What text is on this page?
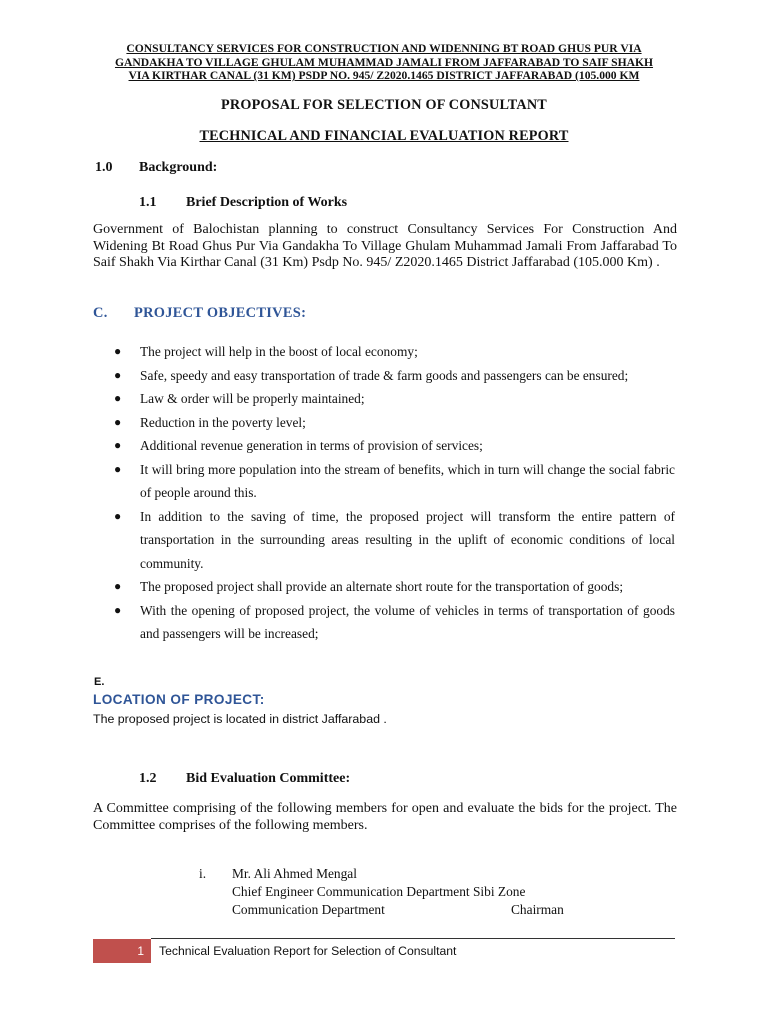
CONSULTANCY SERVICES FOR CONSTRUCTION AND WIDENNING BT ROAD GHUS PUR VIA
GANDAKHA TO VILLAGE GHULAM MUHAMMAD JAMALI FROM JAFFARABAD TO SAIF SHAKH
VIA KIRTHAR CANAL (31 KM) PSDP NO. 945/ Z2020.1465 DISTRICT JAFFARABAD (105.000 KM
PROPOSAL FOR SELECTION OF CONSULTANT
TECHNICAL AND FINANCIAL EVALUATION REPORT
1.0 Background:
1.1 Brief Description of Works

Government of Balochistan planning to construct Consultancy Services For Construction And Widening Bt Road Ghus Pur Via Gandakha To Village Ghulam Muhammad Jamali From Jaffarabad To Saif Shakh Via Kirthar Canal (31 Km) Psdp No. 945/ Z2020.1465 District Jaffarabad (105.000 Km) .

C. PROJECT OBJECTIVES:
● The project will help in the boost of local economy;
● Safe, speedy and easy transportation of trade & farm goods and passengers can be ensured;
● Law & order will be properly maintained;
● Reduction in the poverty level;
● Additional revenue generation in terms of provision of services;
● It will bring more population into the stream of benefits, which in turn will change the social fabric of people around this.
● In addition to the saving of time, the proposed project will transform the entire pattern of transportation in the surrounding areas resulting in the uplift of economic conditions of local community.
● The proposed project shall provide an alternate short route for the transportation of goods;
● With the opening of proposed project, the volume of vehicles in terms of transportation of goods and passengers will be increased;
E.
LOCATION OF PROJECT:
The proposed project is located in district Jaffarabad .
1.2 Bid Evaluation Committee:

A Committee comprising of the following members for open and evaluate the bids for the project. The Committee comprises of the following members.

i. Mr. Ali Ahmed Mengal
Chief Engineer Communication Department Sibi Zone
Communication Department	Chairman
1	Technical Evaluation Report for Selection of Consultant
